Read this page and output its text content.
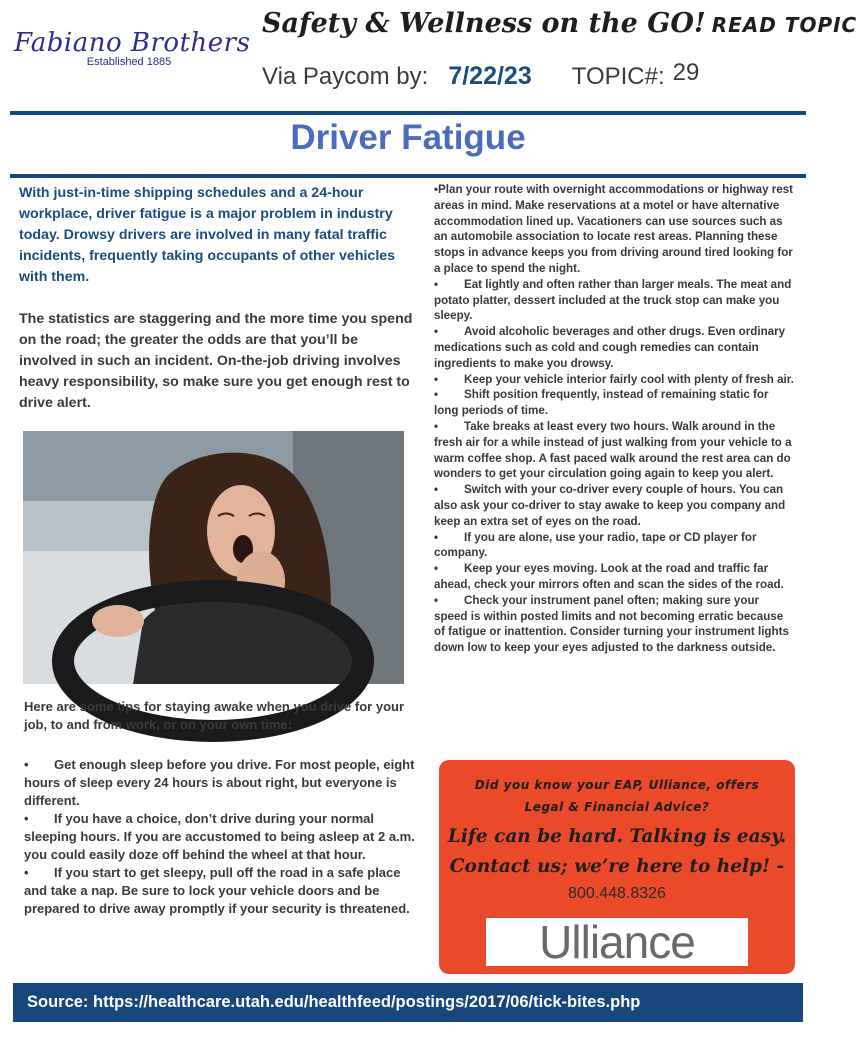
Fabiano Brothers
Established 1885
Safety & Wellness on the GO! READ TOPIC
Via Paycom by: 7/22/23 TOPIC#: 29
Driver Fatigue

With just-in-time shipping schedules and a 24-hour workplace, driver fatigue is a major problem in industry today. Drowsy drivers are involved in many fatal traffic incidents, frequently taking occupants of other vehicles with them.

The statistics are staggering and the more time you spend on the road; the greater the odds are that you’ll be involved in such an incident. On-the-job driving involves heavy responsibility, so make sure you get enough rest to drive alert.

Here are some tips for staying awake when you drive for your job, to and from work, or on your own time:

• Get enough sleep before you drive. For most people, eight hours of sleep every 24 hours is about right, but everyone is different.

• If you have a choice, don’t drive during your normal sleeping hours. If you are accustomed to being asleep at 2 a.m. you could easily doze off behind the wheel at that hour.

• If you start to get sleepy, pull off the road in a safe place and take a nap. Be sure to lock your vehicle doors and be prepared to drive away promptly if your security is threatened.

•Plan your route with overnight accommodations or highway rest areas in mind. Make reservations at a motel or have alternative accommodation lined up. Vacationers can use sources such as an automobile association to locate rest areas. Planning these stops in advance keeps you from driving around tired looking for a place to spend the night.

• Eat lightly and often rather than larger meals. The meat and potato platter, dessert included at the truck stop can make you sleepy.

• Avoid alcoholic beverages and other drugs. Even ordinary medications such as cold and cough remedies can contain ingredients to make you drowsy.

• Keep your vehicle interior fairly cool with plenty of fresh air.

• Shift position frequently, instead of remaining static for long periods of time.

• Take breaks at least every two hours. Walk around in the fresh air for a while instead of just walking from your vehicle to a warm coffee shop. A fast paced walk around the rest area can do wonders to get your circulation going again to keep you alert.

• Switch with your co-driver every couple of hours. You can also ask your co-driver to stay awake to keep you company and keep an extra set of eyes on the road.

• If you are alone, use your radio, tape or CD player for company.

• Keep your eyes moving. Look at the road and traffic far ahead, check your mirrors often and scan the sides of the road.

• Check your instrument panel often; making sure your speed is within posted limits and not becoming erratic because of fatigue or inattention. Consider turning your instrument lights down low to keep your eyes adjusted to the darkness outside.

Did you know your EAP, Ulliance, offers
Legal & Financial Advice?
Life can be hard. Talking is easy.
Contact us; we’re here to help! -
800.448.8326
Ulliance
Source: https://healthcare.utah.edu/healthfeed/postings/2017/06/tick-bites.php
